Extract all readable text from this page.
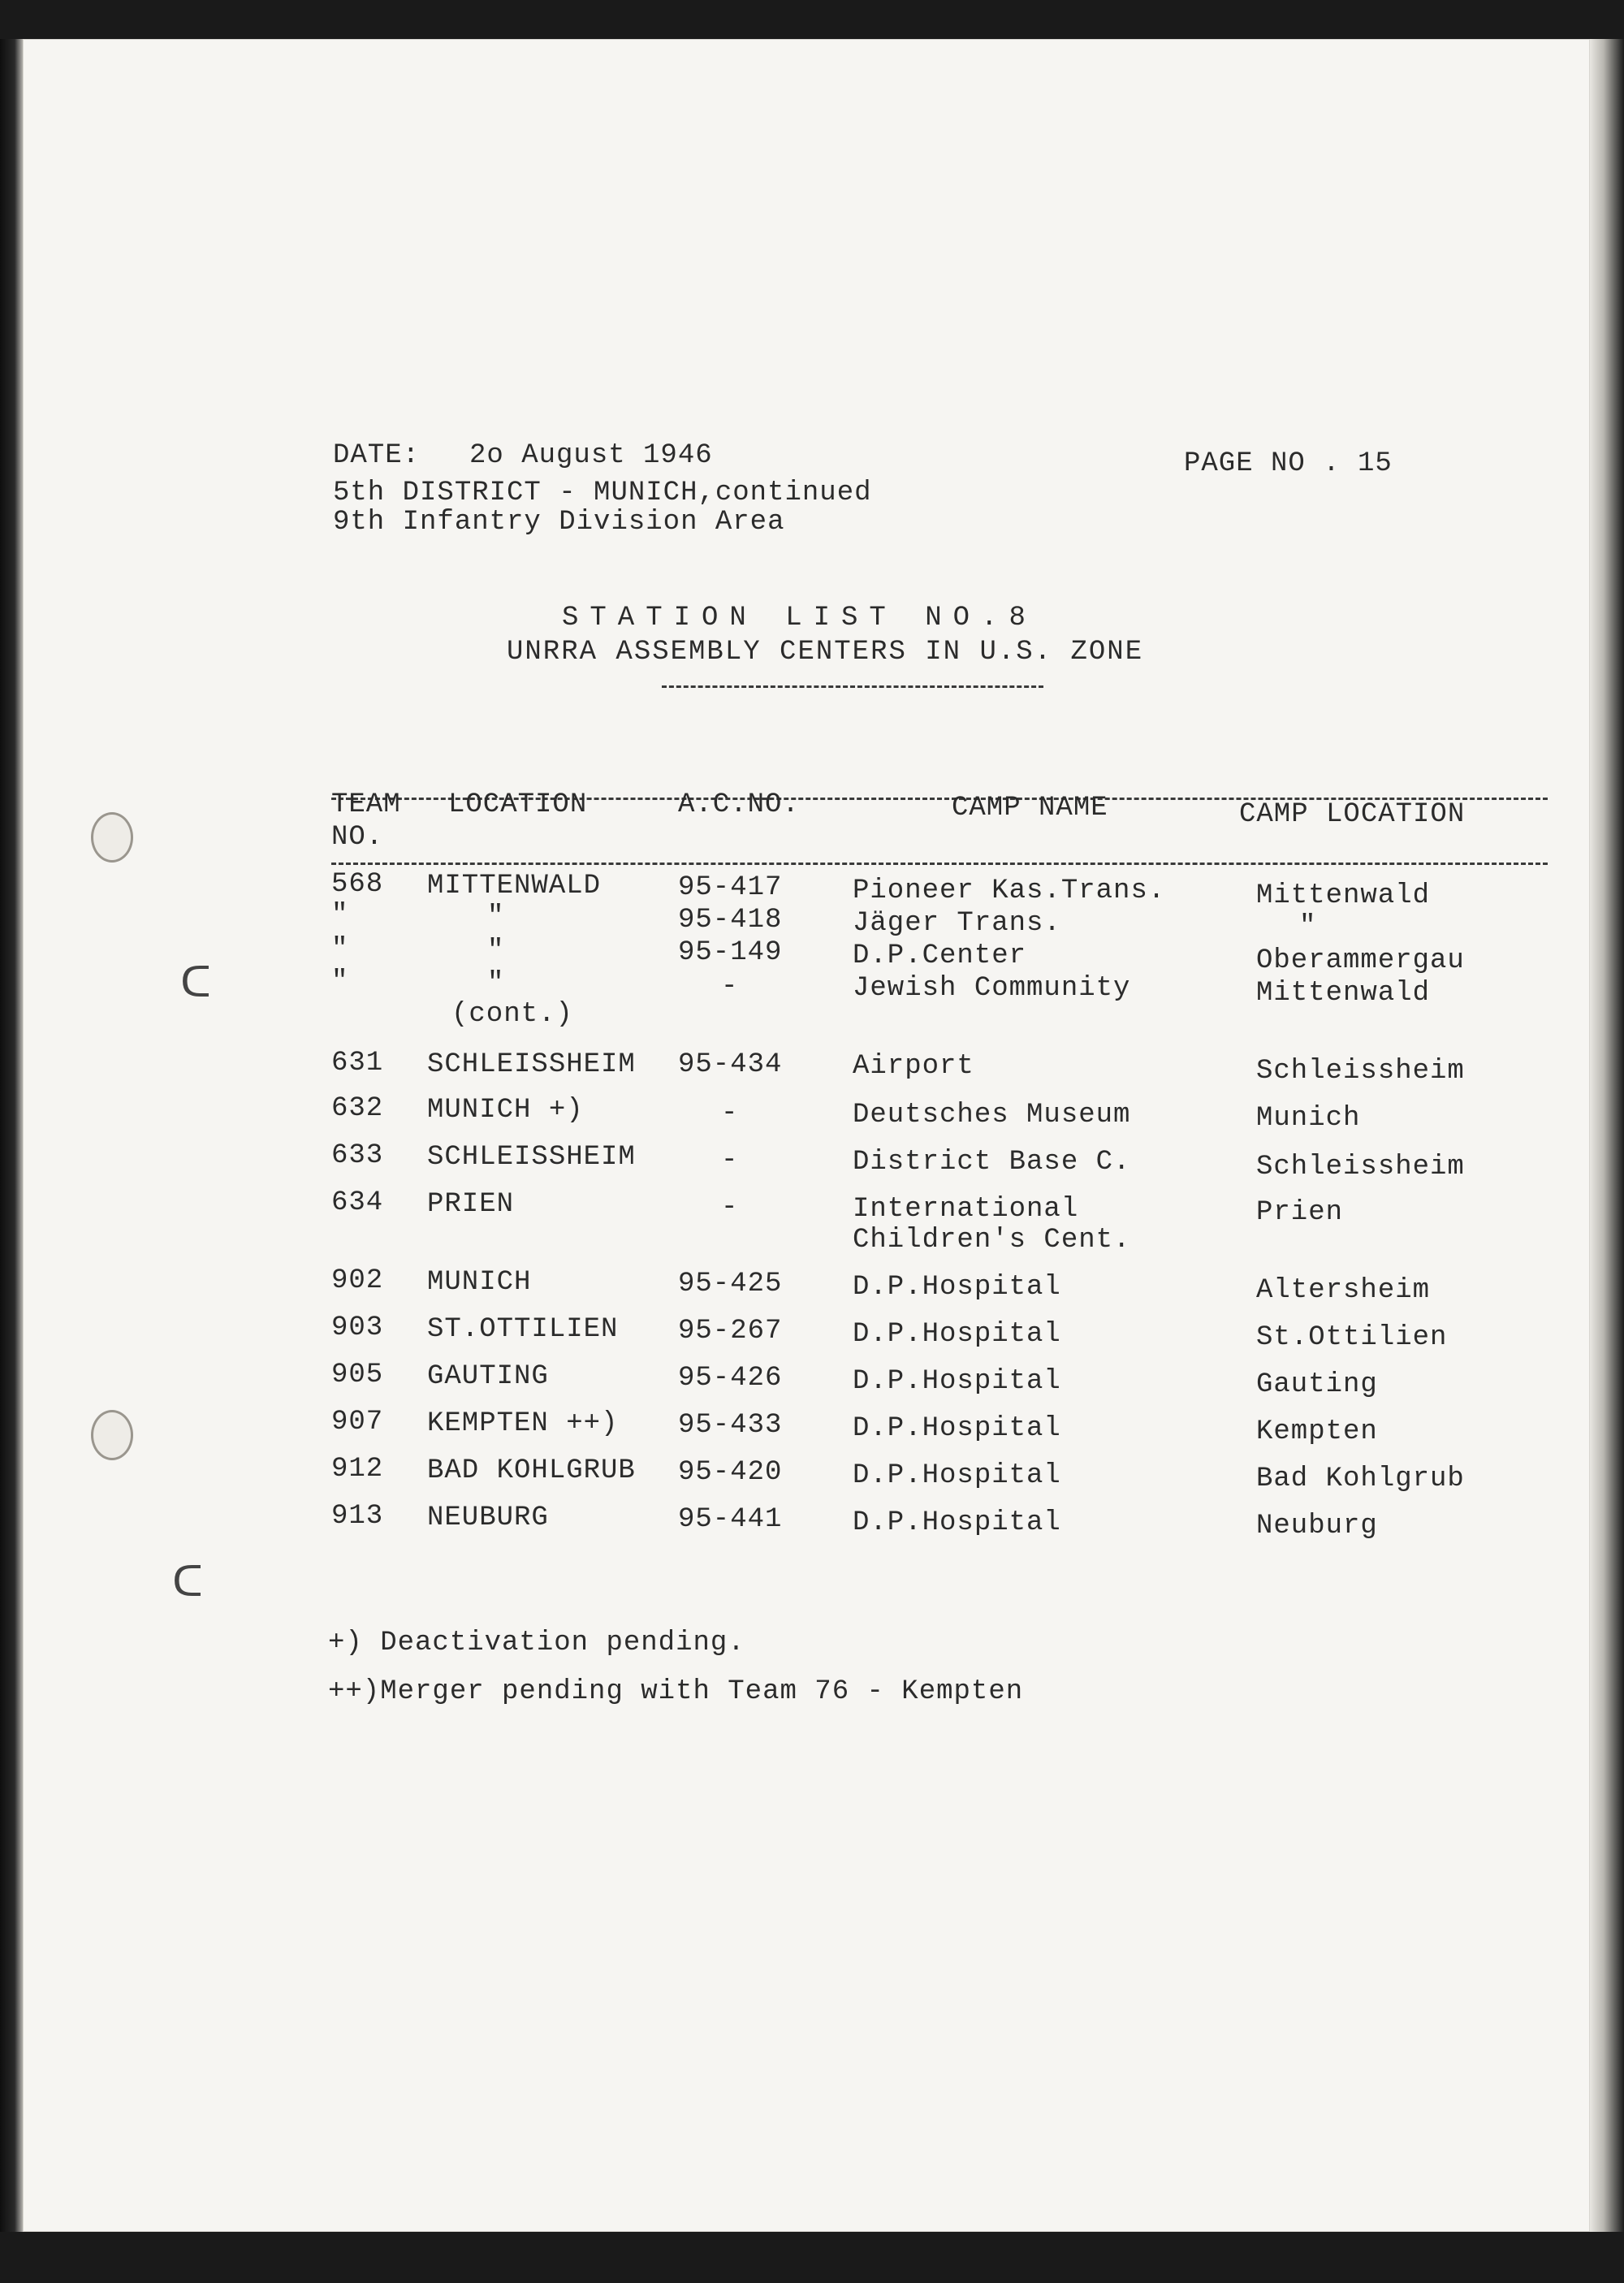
ᑕ
ᑕ
DATE: 2o August 1946
5th DISTRICT - MUNICH,continued
9th Infantry Division Area
PAGE NO . 15
STATION LIST NO.8
UNRRA ASSEMBLY CENTERS IN U.S. ZONE
TEAM
NO.
LOCATION	A.C.NO.	CAMP NAME	CAMP LOCATION
568 MITTENWALD	95-417	Pioneer Kas.Trans.	Mittenwald
"	"	95-418	Jäger Trans.	"
"	"	95-149	D.P.Center	Oberammergau
"	"	-	Jewish Community	Mittenwald
(cont.)
631 SCHLEISSHEIM 95-434	Airport	Schleissheim
632 MUNICH +)	-	Deutsches Museum	Munich
633 SCHLEISSHEIM	-	District Base C.	Schleissheim
634 PRIEN	-	International	Prien
Children's Cent.
902 MUNICH	95-425	D.P.Hospital	Altersheim
903 ST.OTTILIEN 95-267	D.P.Hospital	St.Ottilien
905 GAUTING	95-426	D.P.Hospital	Gauting
907 KEMPTEN ++) 95-433	D.P.Hospital	Kempten
912 BAD KOHLGRUB 95-420	D.P.Hospital	Bad Kohlgrub
913 NEUBURG	95-441	D.P.Hospital	Neuburg
+) Deactivation pending.
++)Merger pending with Team 76 - Kempten
